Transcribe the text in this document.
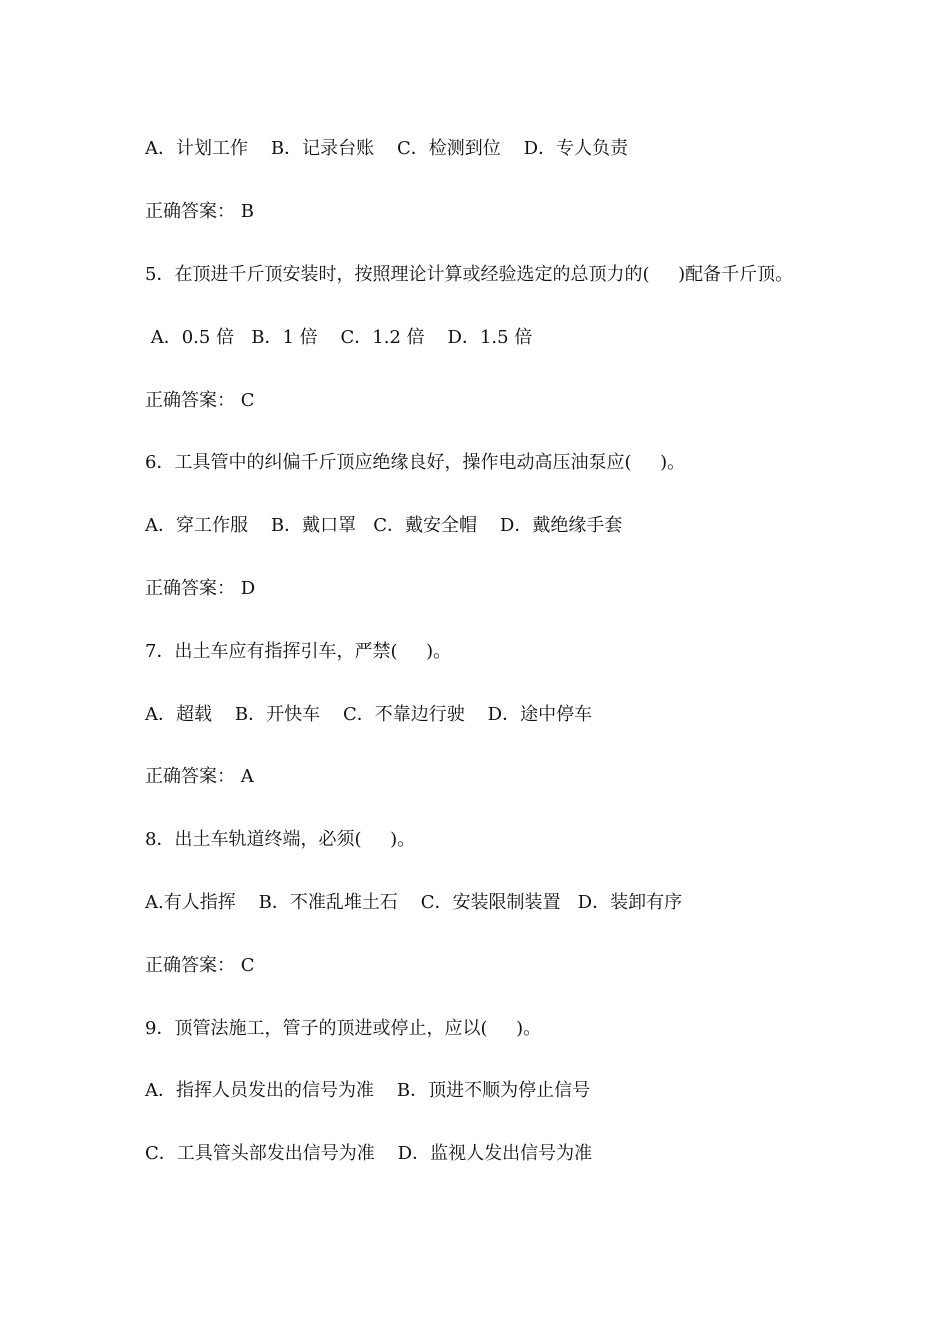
A．计划工作    B．记录台账    C．检测到位    D．专人负责
正确答案： B
5．在顶进千斤顶安装时，按照理论计算或经验选定的总顶力的(     )配备千斤顶。
A．0.5 倍   B．1 倍    C．1.2 倍    D．1.5 倍
正确答案： C
6．工具管中的纠偏千斤顶应绝缘良好，操作电动高压油泵应(     )。
A．穿工作服    B．戴口罩   C．戴安全帽    D．戴绝缘手套
正确答案： D
7．出土车应有指挥引车，严禁(     )。
A．超载    B．开快车    C．不靠边行驶    D．途中停车
正确答案： A
8．出土车轨道终端，必须(     )。
A.有人指挥    B．不准乱堆土石    C．安装限制装置   D．装卸有序
正确答案： C
9．顶管法施工，管子的顶进或停止，应以(     )。
A．指挥人员发出的信号为准    B．顶进不顺为停止信号
C．工具管头部发出信号为准    D．监视人发出信号为准
